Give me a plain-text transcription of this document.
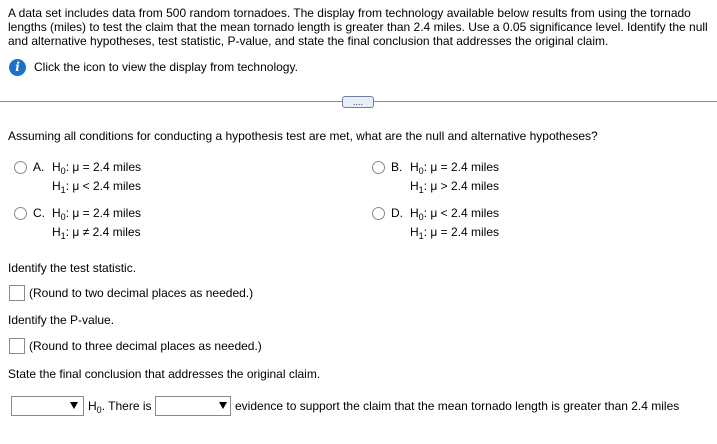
A data set includes data from 500 random tornadoes. The display from technology available below results from using the tornado lengths (miles) to test the claim that the mean tornado length is greater than 2.4 miles. Use a 0.05 significance level. Identify the null and alternative hypotheses, test statistic, P-value, and state the final conclusion that addresses the original claim.
i	Click the icon to view the display from technology.
....
Assuming all conditions for conducting a hypothesis test are met, what are the null and alternative hypotheses?
A. $H_0$: μ = 2.4 miles
$H_1$: μ < 2.4 miles
B. $H_0$: μ = 2.4 miles
$H_1$: μ > 2.4 miles
C. $H_0$: μ = 2.4 miles
$H_1$: μ ≠ 2.4 miles
D. $H_0$: μ < 2.4 miles
$H_1$: μ = 2.4 miles
Identify the test statistic.
(Round to two decimal places as needed.)
Identify the P-value.
(Round to three decimal places as needed.)
State the final conclusion that addresses the original claim.
$H_0$. There is	evidence to support the claim that the mean tornado length is greater than 2.4 miles
